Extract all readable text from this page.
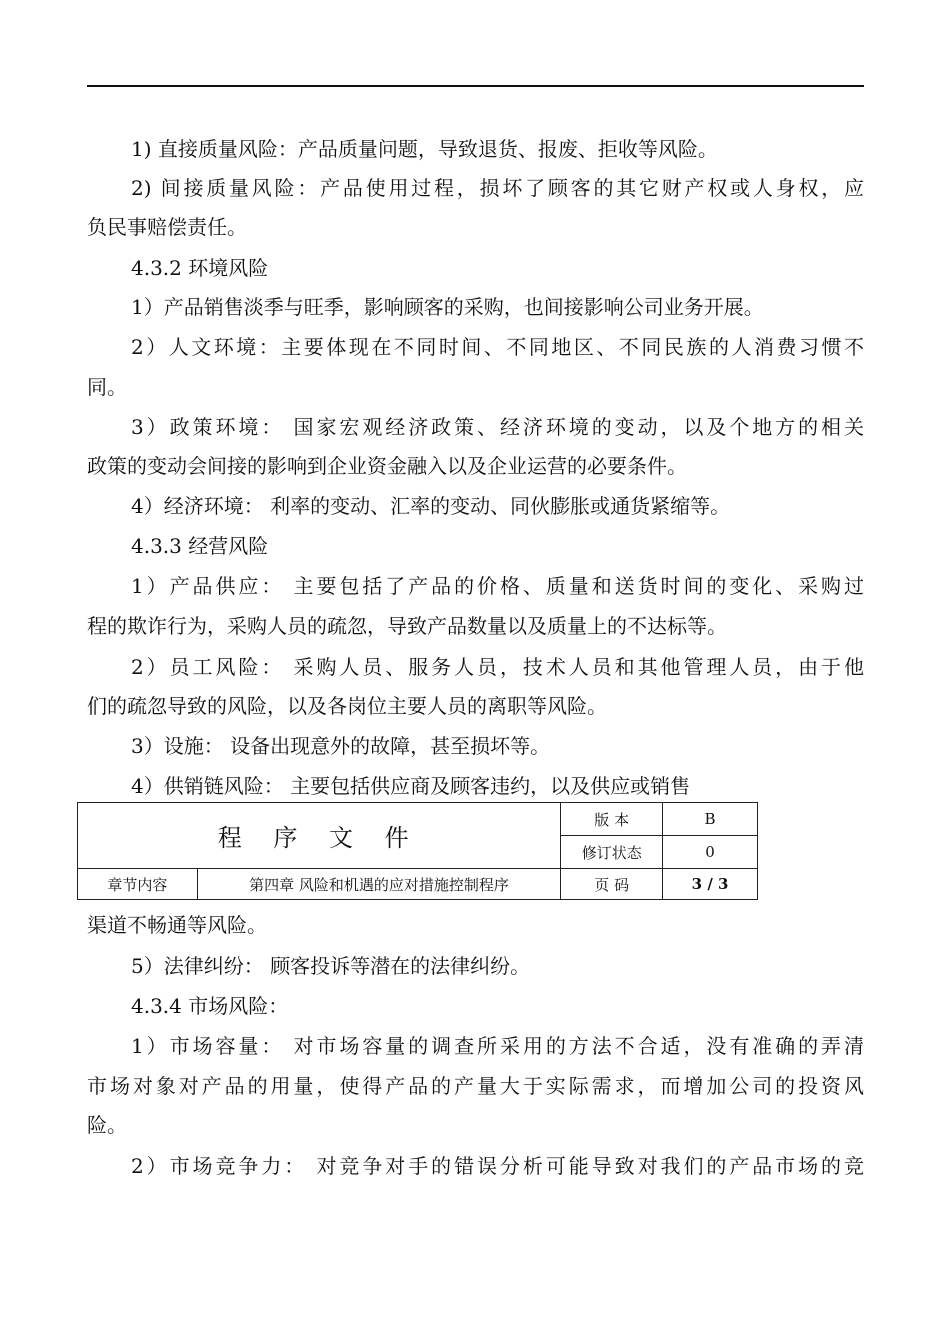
1) 直接质量风险：产品质量问题，导致退货、报废、拒收等风险。
2) 间接质量风险：产品使用过程，损坏了顾客的其它财产权或人身权，应
负民事赔偿责任。
4.3.2 环境风险
1）产品销售淡季与旺季，影响顾客的采购，也间接影响公司业务开展。
2）人文环境：主要体现在不同时间、不同地区、不同民族的人消费习惯不
同。
3）政策环境： 国家宏观经济政策、经济环境的变动，以及个地方的相关
政策的变动会间接的影响到企业资金融入以及企业运营的必要条件。
4）经济环境： 利率的变动、汇率的变动、同伙膨胀或通货紧缩等。
4.3.3 经营风险
1）产品供应： 主要包括了产品的价格、质量和送货时间的变化、采购过
程的欺诈行为，采购人员的疏忽，导致产品数量以及质量上的不达标等。
2）员工风险： 采购人员、服务人员，技术人员和其他管理人员，由于他
们的疏忽导致的风险，以及各岗位主要人员的离职等风险。
3）设施： 设备出现意外的故障，甚至损坏等。
4）供销链风险： 主要包括供应商及顾客违约，以及供应或销售
程 序 文 件		版 本	B
		修订状态	0
章节内容	第四章 风险和机遇的应对措施控制程序	页 码	3 / 3
渠道不畅通等风险。
5）法律纠纷： 顾客投诉等潜在的法律纠纷。
4.3.4 市场风险：
1）市场容量： 对市场容量的调查所采用的方法不合适，没有准确的弄清
市场对象对产品的用量，使得产品的产量大于实际需求，而增加公司的投资风
险。
2）市场竞争力： 对竞争对手的错误分析可能导致对我们的产品市场的竞
